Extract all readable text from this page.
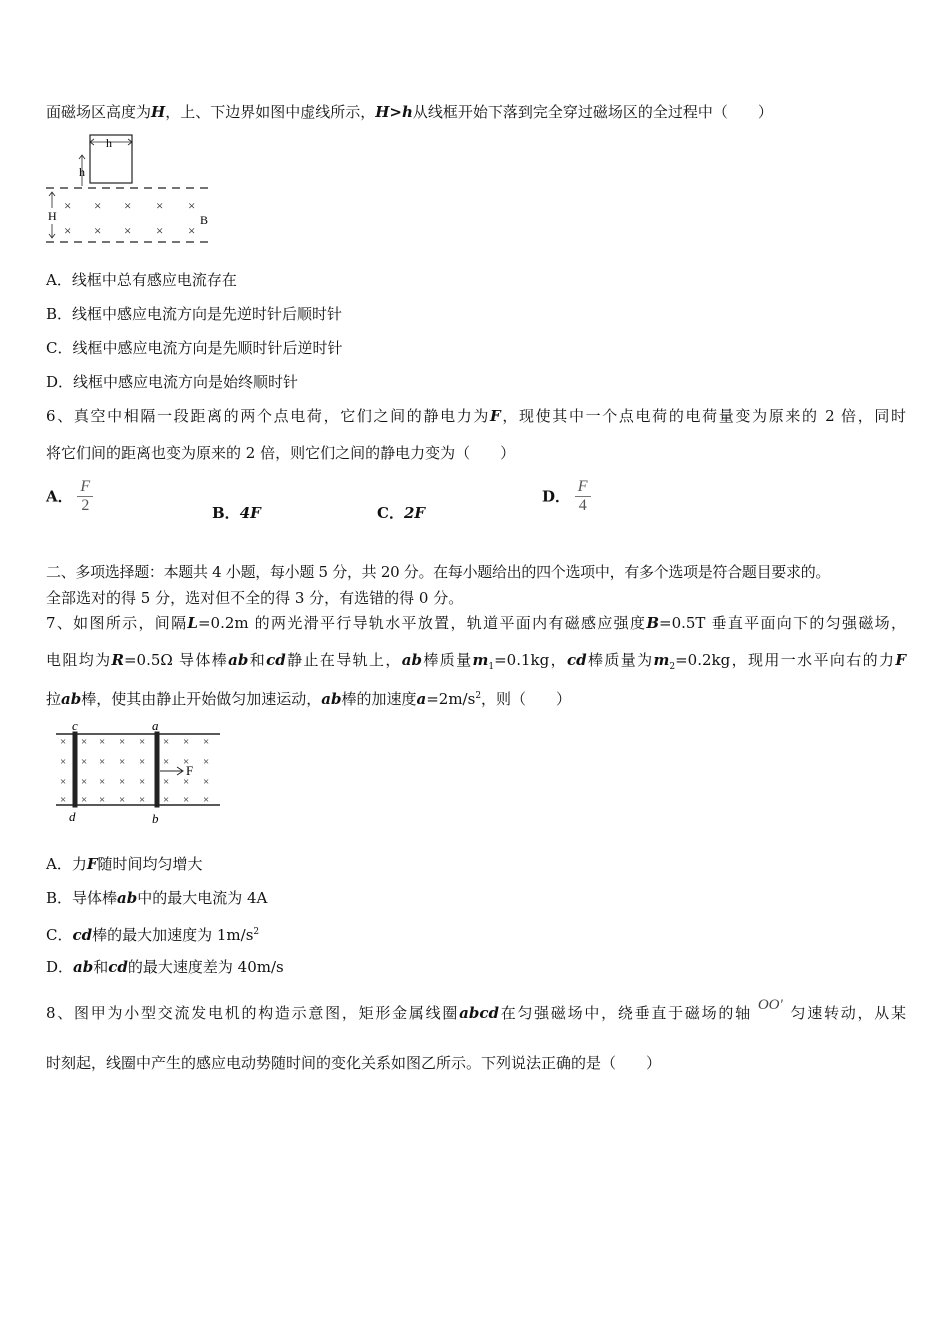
面磁场区高度为H，上、下边界如图中虚线所示，H>h从线框开始下落到完全穿过磁场区的全过程中（　　）
h
h
H	B
× × × × ×
× × × × ×
A．线框中总有感应电流存在
B．线框中感应电流方向是先逆时针后顺时针
C．线框中感应电流方向是先顺时针后逆时针
D．线框中感应电流方向是始终顺时针
6、真空中相隔一段距离的两个点电荷，它们之间的静电力为F，现使其中一个点电荷的电荷量变为原来的 2 倍，同时
将它们间的距离也变为原来的 2 倍，则它们之间的静电力变为（　　）
A． $\frac{F}{2}$	B．4F	C．2F
D． $\frac{F}{4}$
二、多项选择题：本题共 4 小题，每小题 5 分，共 20 分。在每小题给出的四个选项中，有多个选项是符合题目要求的。
全部选对的得 5 分，选对但不全的得 3 分，有选错的得 0 分。
7、如图所示，间隔L=0.2m 的两光滑平行导轨水平放置，轨道平面内有磁感应强度B=0.5T 垂直平面向下的匀强磁场，
电阻均为R=0.5Ω 导体棒ab和cd静止在导轨上，ab棒质量$m_1=0.1kg$，cd棒质量为$m_2=0.2kg$，现用一水平向右的力F
拉ab棒，使其由静止开始做匀加速运动，ab棒的加速度$a=2m/s^2$，则（　　）
c	a
d	b
F
× × × × × × × ×
× × × × × × × ×
× × × × × × × ×
× × × × × × × ×
A．力F随时间均匀增大
B．导体棒ab中的最大电流为 4A
C．cd棒的最大加速度为 $1m/s^2$
D．ab和cd的最大速度差为 40m/s
8、图甲为小型交流发电机的构造示意图，矩形金属线圈abcd在匀强磁场中，绕垂直于磁场的轴 OO′ 匀速转动，从某
时刻起，线圈中产生的感应电动势随时间的变化关系如图乙所示。下列说法正确的是（　　）
